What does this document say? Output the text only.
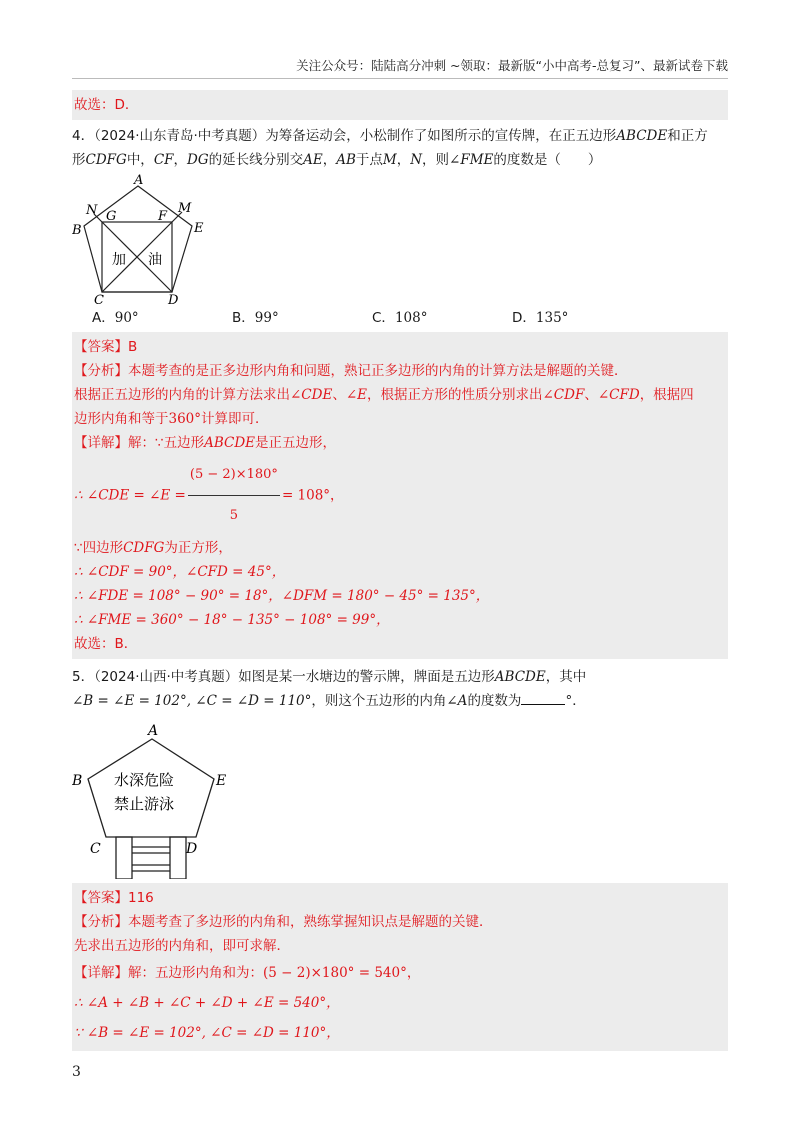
关注公众号：陆陆高分冲刺 ~领取：最新版“小中高考-总复习”、最新试卷下载

故选：D．

4．（2024·山东青岛·中考真题）为筹备运动会，小松制作了如图所示的宣传牌，在正五边形ABCDE和正方
形CDFG中，CF，DG的延长线分别交AE，AB于点M，N，则∠FME的度数是（　　）

A
B
C	D
E
F
G
M
N
加 油
A．90°	B．99°	C．108°	D．135°

【答案】B

【分析】本题考查的是正多边形内角和问题，熟记正多边形的内角的计算方法是解题的关键．

根据正五边形的内角的计算方法求出∠CDE、∠E，根据正方形的性质分别求出∠CDF、∠CFD，根据四

边形内角和等于360°计算即可．

【详解】解：∵五边形ABCDE是正五边形，

∴ ∠CDE = ∠E = $\frac{(5 - 2)\times 180^\circ}{5} = 108^\circ$，

∵四边形CDFG为正方形，

∴ ∠CDF = 90°，∠CFD = 45°，

∴ ∠FDE = 108° − 90° = 18°，∠DFM = 180° − 45° = 135°，

∴ ∠FME = 360° − 18° − 135° − 108° = 99°，

故选：B．

5．（2024·山西·中考真题）如图是某一水塘边的警示牌，牌面是五边形ABCDE，其中
∠B = ∠E = 102°, ∠C = ∠D = 110°，则这个五边形的内角∠A的度数为	°．

A
B
C	D
E
水深危险
禁止游泳

【答案】116

【分析】本题考查了多边形的内角和，熟练掌握知识点是解题的关键．

先求出五边形的内角和，即可求解．

【详解】解：五边形内角和为：(5 − 2)×180° = 540°，

∴ ∠A + ∠B + ∠C + ∠D + ∠E = 540°，

∵ ∠B = ∠E = 102°, ∠C = ∠D = 110°，

3
